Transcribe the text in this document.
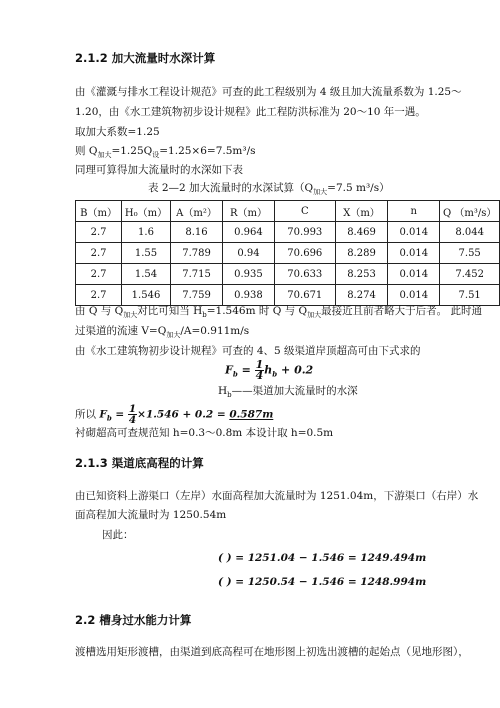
2.1.2 加大流量时水深计算
由《灌溉与排水工程设计规范》可查的此工程级别为 4 级且加大流量系数为 1.25～
1.20，由《水工建筑物初步设计规程》此工程防洪标准为 20～10 年一遇。
取加大系数=1.25
则 $Q_{加大}=1.25Q_设=1.25\times 6=7.5m^3/s$
同理可算得加大流量时的水深如下表
表 2—2 加大流量时的水深试算（$Q_{加大}=7.5$ m³/s）
B（m）	H₀（m）	A（m²）	R（m）	C	X（m）	n	Q （m³/s）
2.7	1.6	8.16	0.964	70.993	8.469	0.014	8.044
2.7	1.55	7.789	0.94	70.696	8.289	0.014	7.55
2.7	1.54	7.715	0.935	70.633	8.253	0.014	7.452
2.7	1.546	7.759	0.938	70.671	8.274	0.014	7.51
由 Q 与 $Q_{加大}$对比可知当 $H_b=1.546m$ 时 Q 与 $Q_{加大}$最接近且前者略大于后者。 此时通
过渠道的流速 $V=Q_{加大}/A=0.911m/s$
由《水工建筑物初步设计规程》可查的 4、5 级渠道岸顶超高可由下式求的
$F_b = \frac{1}{4} h_b + 0.2$
$H_b——$渠道加大流量时的水深
所以 $F_b = \frac{1}{4} \times 1.546 + 0.2 = 0.587m$
衬砌超高可查规范知 h=0.3～0.8m 本设计取 h=0.5m
2.1.3 渠道底高程的计算
由已知资料上游渠口（左岸）水面高程加大流量时为 1251.04m，下游渠口（右岸）水
面高程加大流量时为 1250.54m
因此：
( ) = 1251.04 − 1.546 = 1249.494m
( ) = 1250.54 − 1.546 = 1248.994m
2.2 槽身过水能力计算
渡槽选用矩形渡槽，由渠道到底高程可在地形图上初选出渡槽的起始点（见地形图），
